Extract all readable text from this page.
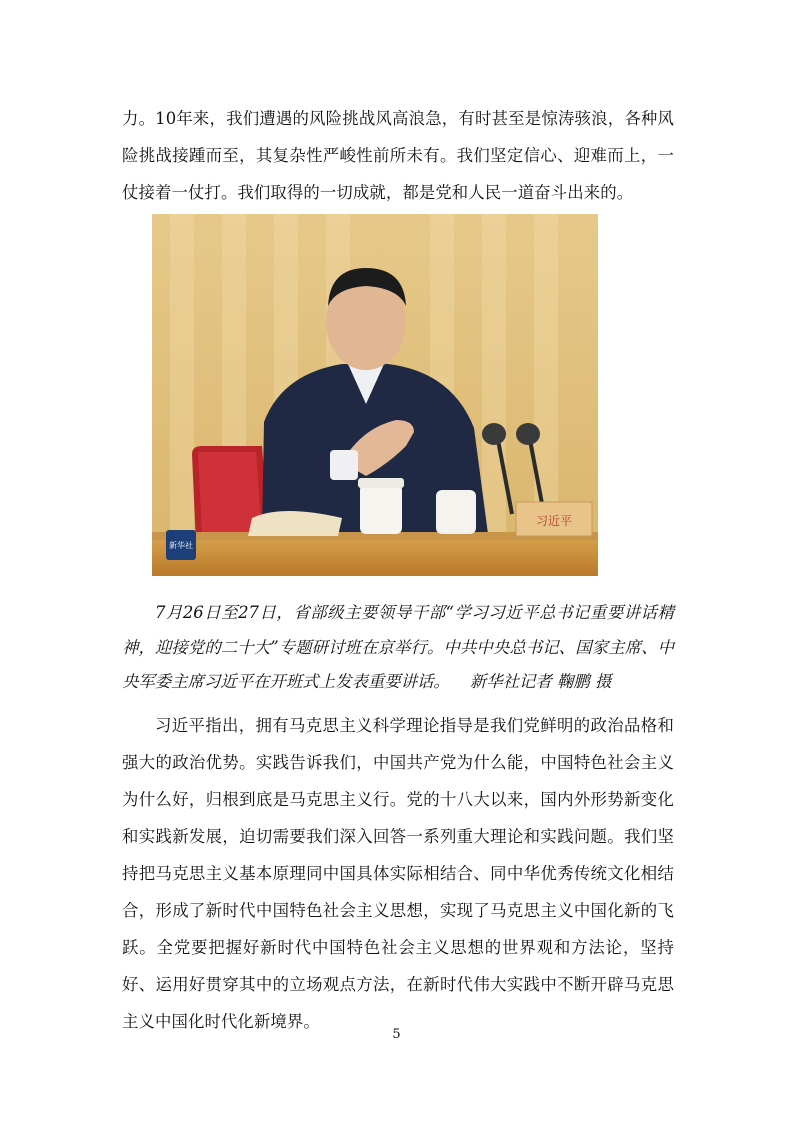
力。10年来，我们遭遇的风险挑战风高浪急，有时甚至是惊涛骇浪，各种风险挑战接踵而至，其复杂性严峻性前所未有。我们坚定信心、迎难而上，一仗接着一仗打。我们取得的一切成就，都是党和人民一道奋斗出来的。

习近平
新华社

7月26日至27日，省部级主要领导干部“学习习近平总书记重要讲话精神，迎接党的二十大”专题研讨班在京举行。中共中央总书记、国家主席、中央军委主席习近平在开班式上发表重要讲话。 新华社记者 鞠鹏 摄

习近平指出，拥有马克思主义科学理论指导是我们党鲜明的政治品格和强大的政治优势。实践告诉我们，中国共产党为什么能，中国特色社会主义为什么好，归根到底是马克思主义行。党的十八大以来，国内外形势新变化和实践新发展，迫切需要我们深入回答一系列重大理论和实践问题。我们坚持把马克思主义基本原理同中国具体实际相结合、同中华优秀传统文化相结合，形成了新时代中国特色社会主义思想，实现了马克思主义中国化新的飞跃。全党要把握好新时代中国特色社会主义思想的世界观和方法论，坚持好、运用好贯穿其中的立场观点方法，在新时代伟大实践中不断开辟马克思主义中国化时代化新境界。

5
